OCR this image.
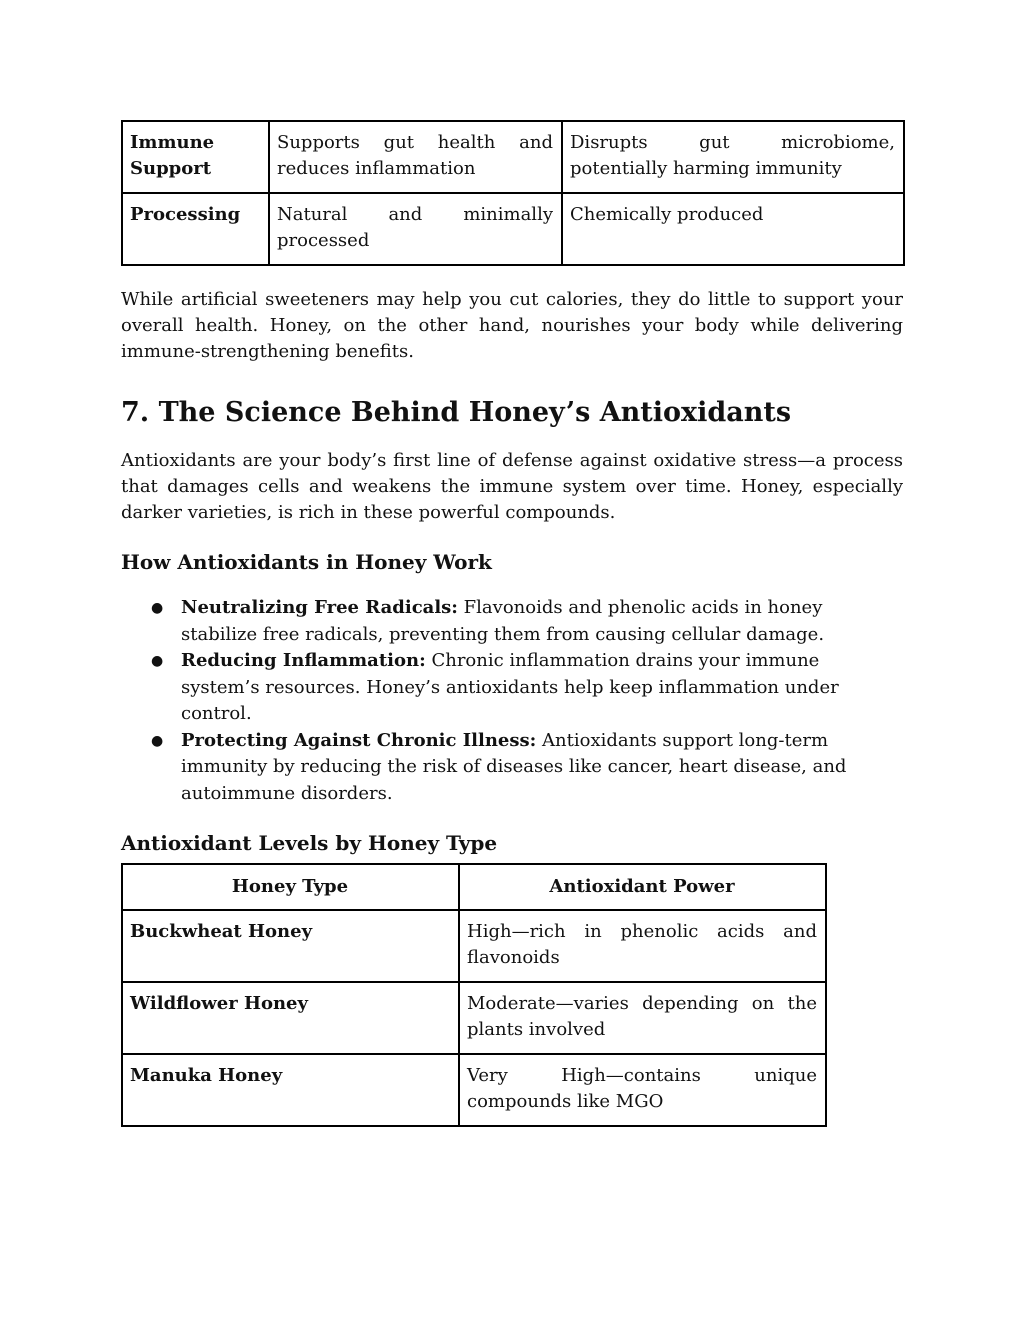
Immune Support	Supports gut health and reduces inflammation	Disrupts gut microbiome, potentially harming immunity
Processing	Natural and minimally processed	Chemically produced

While artificial sweeteners may help you cut calories, they do little to support your overall health. Honey, on the other hand, nourishes your body while delivering immune-strengthening benefits.

7. The Science Behind Honey’s Antioxidants

Antioxidants are your body’s first line of defense against oxidative stress—a process that damages cells and weakens the immune system over time. Honey, especially darker varieties, is rich in these powerful compounds.

How Antioxidants in Honey Work
● Neutralizing Free Radicals: Flavonoids and phenolic acids in honey stabilize free radicals, preventing them from causing cellular damage.
● Reducing Inflammation: Chronic inflammation drains your immune system’s resources. Honey’s antioxidants help keep inflammation under control.
● Protecting Against Chronic Illness: Antioxidants support long-term immunity by reducing the risk of diseases like cancer, heart disease, and autoimmune disorders.
Antioxidant Levels by Honey Type
Honey Type	Antioxidant Power
Buckwheat Honey	High—rich in phenolic acids and flavonoids
Wildflower Honey	Moderate—varies depending on the plants involved
Manuka Honey	Very High—contains unique compounds like MGO
